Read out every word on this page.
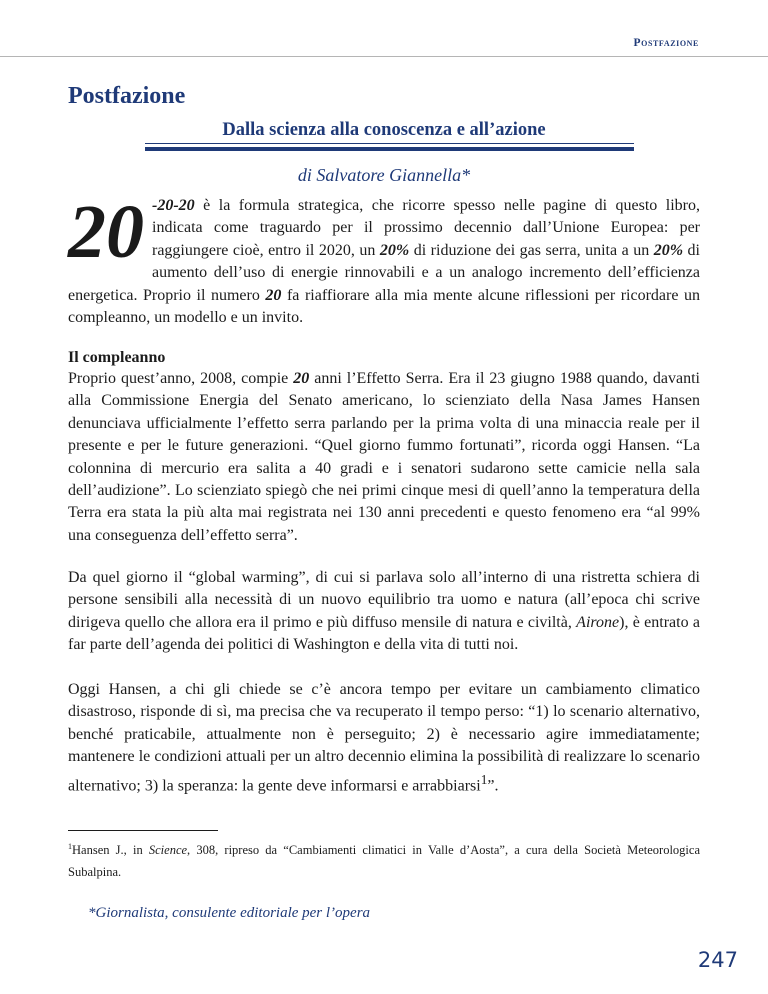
Postfazione
Postfazione
Dalla scienza alla conoscenza e all’azione
di Salvatore Giannella*

20 -20-20 è la formula strategica, che ricorre spesso nelle pagine di questo libro, indicata come traguardo per il prossimo decennio dall’Unione Europea: per raggiungere cioè, entro il 2020, un 20% di riduzione dei gas serra, unita a un 20% di aumento dell’uso di energie rinnovabili e a un analogo incremento dell’efficienza energetica. Proprio il numero 20 fa riaffiorare alla mia mente alcune riflessioni per ricordare un compleanno, un modello e un invito.

Il compleanno

Proprio quest’anno, 2008, compie 20 anni l’Effetto Serra. Era il 23 giugno 1988 quando, davanti alla Commissione Energia del Senato americano, lo scienziato della Nasa James Hansen denunciava ufficialmente l’effetto serra parlando per la prima volta di una minaccia reale per il presente e per le future generazioni. “Quel giorno fummo fortunati”, ricorda oggi Hansen. “La colonnina di mercurio era salita a 40 gradi e i senatori sudarono sette camicie nella sala dell’audizione”. Lo scienziato spiegò che nei primi cinque mesi di quell’anno la temperatura della Terra era stata la più alta mai registrata nei 130 anni precedenti e questo fenomeno era “al 99% una conseguenza dell’effetto serra”.

Da quel giorno il “global warming”, di cui si parlava solo all’interno di una ristretta schiera di persone sensibili alla necessità di un nuovo equilibrio tra uomo e natura (all’epoca chi scrive dirigeva quello che allora era il primo e più diffuso mensile di natura e civiltà, Airone), è entrato a far parte dell’agenda dei politici di Washington e della vita di tutti noi.

Oggi Hansen, a chi gli chiede se c’è ancora tempo per evitare un cambiamento climatico disastroso, risponde di sì, ma precisa che va recuperato il tempo perso: “1) lo scenario alternativo, benché praticabile, attualmente non è perseguito; 2) è necessario agire immediatamente; mantenere le condizioni attuali per un altro decennio elimina la possibilità di realizzare lo scenario alternativo; 3) la speranza: la gente deve informarsi e arrabbiarsi$^1$”.

$^1$Hansen J., in Science, 308, ripreso da “Cambiamenti climatici in Valle d’Aosta”, a cura della Società Meteorologica Subalpina.

*Giornalista, consulente editoriale per l’opera
247
